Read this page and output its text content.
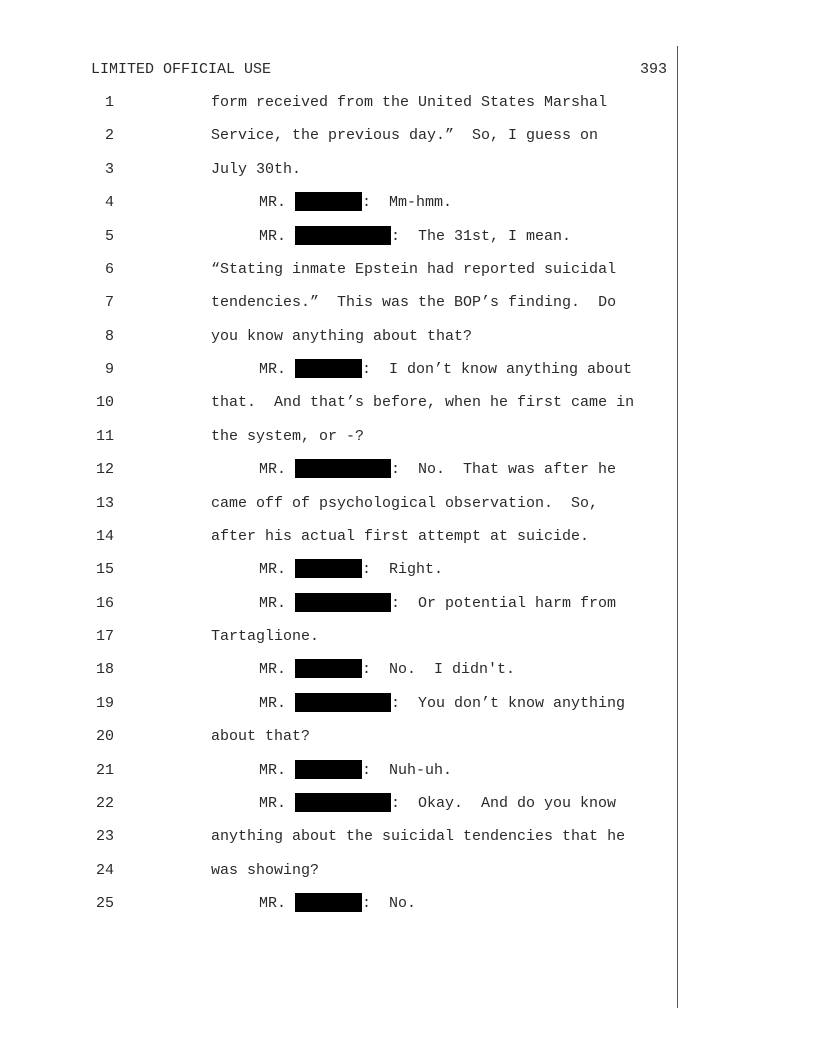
LIMITED OFFICIAL USE	393
1	form received from the United States Marshal
2	Service, the previous day.”  So, I guess on
3	July 30th.
4	MR.	:  Mm-hmm.
5	MR.	:  The 31st, I mean.
6	“Stating inmate Epstein had reported suicidal
7	tendencies.”  This was the BOP’s finding.  Do
8	you know anything about that?
9	MR.	:  I don’t know anything about
10	that.  And that’s before, when he first came in
11	the system, or -?
12	MR.	:  No.  That was after he
13	came off of psychological observation.  So,
14	after his actual first attempt at suicide.
15	MR.	:  Right.
16	MR.	:  Or potential harm from
17	Tartaglione.
18	MR.	:  No.  I didn't.
19	MR.	:  You don’t know anything
20	about that?
21	MR.	:  Nuh-uh.
22	MR.	:  Okay.  And do you know
23	anything about the suicidal tendencies that he
24	was showing?
25	MR.	:  No.
